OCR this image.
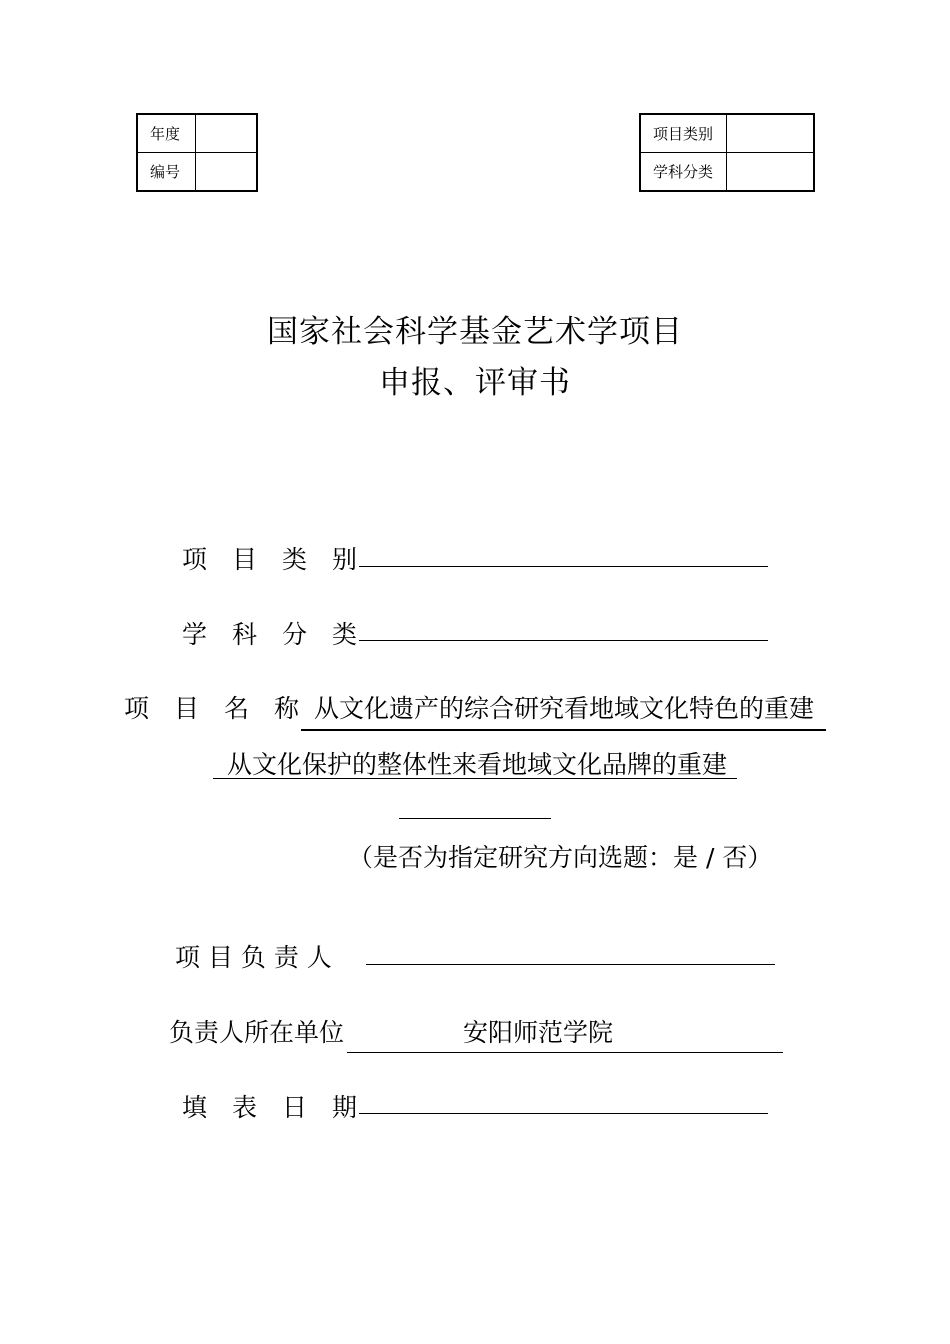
年度	
编号	
项目类别	
学科分类	
国家社会科学基金艺术学项目
申报、评审书
项　目　类　别
学　科　分　类
项　目　名　称 从文化遗产的综合研究看地域文化特色的重建
从文化保护的整体性来看地域文化品牌的重建
（是否为指定研究方向选题：是 / 否）
项 目 负 责 人
负责人所在单位	安阳师范学院
填　表　日　期
